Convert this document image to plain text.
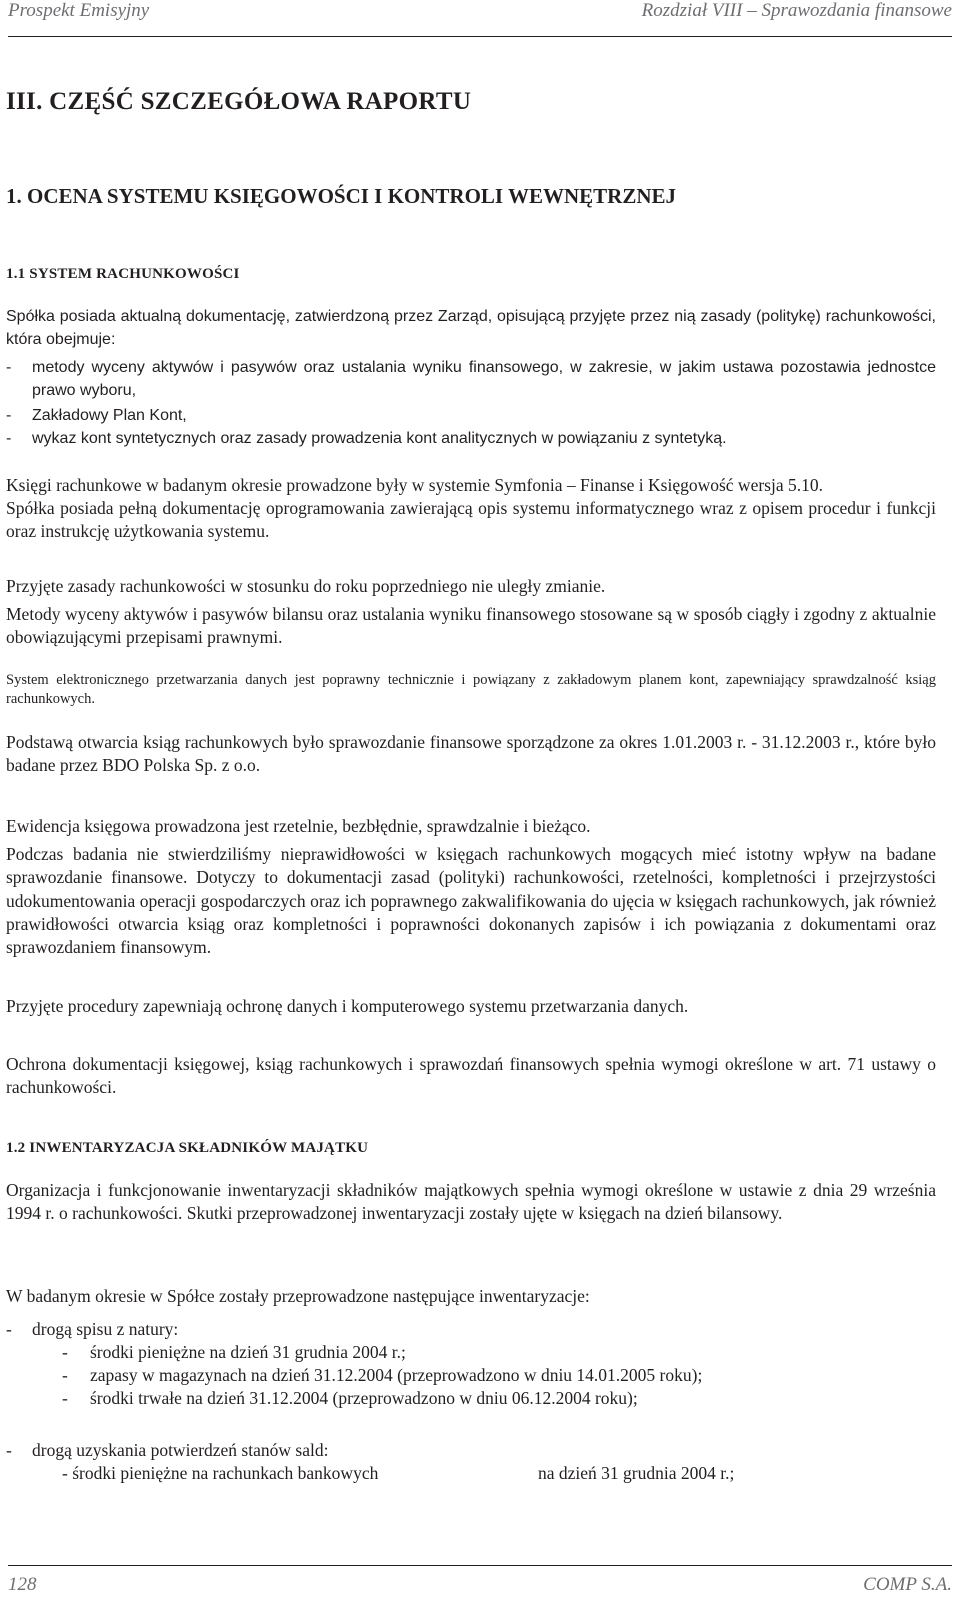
Prospekt Emisyjny	Rozdział VIII – Sprawozdania finansowe
III. CZĘŚĆ SZCZEGÓŁOWA RAPORTU
1. OCENA SYSTEMU KSIĘGOWOŚCI I KONTROLI WEWNĘTRZNEJ
1.1 SYSTEM RACHUNKOWOŚCI

Spółka posiada aktualną dokumentację, zatwierdzoną przez Zarząd, opisującą przyjęte przez nią zasady (politykę) rachunkowości, która obejmuje:

- metody wyceny aktywów i pasywów oraz ustalania wyniku finansowego, w zakresie, w jakim ustawa pozostawia jednostce prawo wyboru,
- Zakładowy Plan Kont,
- wykaz kont syntetycznych oraz zasady prowadzenia kont analitycznych w powiązaniu z syntetyką.

Księgi rachunkowe w badanym okresie prowadzone były w systemie Symfonia – Finanse i Księgowość wersja 5.10.

Spółka posiada pełną dokumentację oprogramowania zawierającą opis systemu informatycznego wraz z opisem procedur i funkcji oraz instrukcję użytkowania systemu.

Przyjęte zasady rachunkowości w stosunku do roku poprzedniego nie uległy zmianie.

Metody wyceny aktywów i pasywów bilansu oraz ustalania wyniku finansowego stosowane są w sposób ciągły i zgodny z aktualnie obowiązującymi przepisami prawnymi.

System elektronicznego przetwarzania danych jest poprawny technicznie i powiązany z zakładowym planem kont, zapewniający sprawdzalność ksiąg rachunkowych.

Podstawą otwarcia ksiąg rachunkowych było sprawozdanie finansowe sporządzone za okres 1.01.2003 r. - 31.12.2003 r., które było badane przez BDO Polska Sp. z o.o.

Ewidencja księgowa prowadzona jest rzetelnie, bezbłędnie, sprawdzalnie i bieżąco.

Podczas badania nie stwierdziliśmy nieprawidłowości w księgach rachunkowych mogących mieć istotny wpływ na badane sprawozdanie finansowe. Dotyczy to dokumentacji zasad (polityki) rachunkowości, rzetelności, kompletności i przejrzystości udokumentowania operacji gospodarczych oraz ich poprawnego zakwalifikowania do ujęcia w księgach rachunkowych, jak również prawidłowości otwarcia ksiąg oraz kompletności i poprawności dokonanych zapisów i ich powiązania z dokumentami oraz sprawozdaniem finansowym.

Przyjęte procedury zapewniają ochronę danych i komputerowego systemu przetwarzania danych.

Ochrona dokumentacji księgowej, ksiąg rachunkowych i sprawozdań finansowych spełnia wymogi określone w art. 71 ustawy o rachunkowości.

1.2 INWENTARYZACJA SKŁADNIKÓW MAJĄTKU

Organizacja i funkcjonowanie inwentaryzacji składników majątkowych spełnia wymogi określone w ustawie z dnia 29 września 1994 r. o rachunkowości. Skutki przeprowadzonej inwentaryzacji zostały ujęte w księgach na dzień bilansowy.

W badanym okresie w Spółce zostały przeprowadzone następujące inwentaryzacje:

- drogą spisu z natury:
- środki pieniężne na dzień 31 grudnia 2004 r.;
- zapasy w magazynach na dzień 31.12.2004 (przeprowadzono w dniu 14.01.2005 roku);
- środki trwałe na dzień 31.12.2004 (przeprowadzono w dniu 06.12.2004 roku);
- drogą uzyskania potwierdzeń stanów sald:
- środki pieniężne na rachunkach bankowych	na dzień 31 grudnia 2004 r.;
128	COMP S.A.
